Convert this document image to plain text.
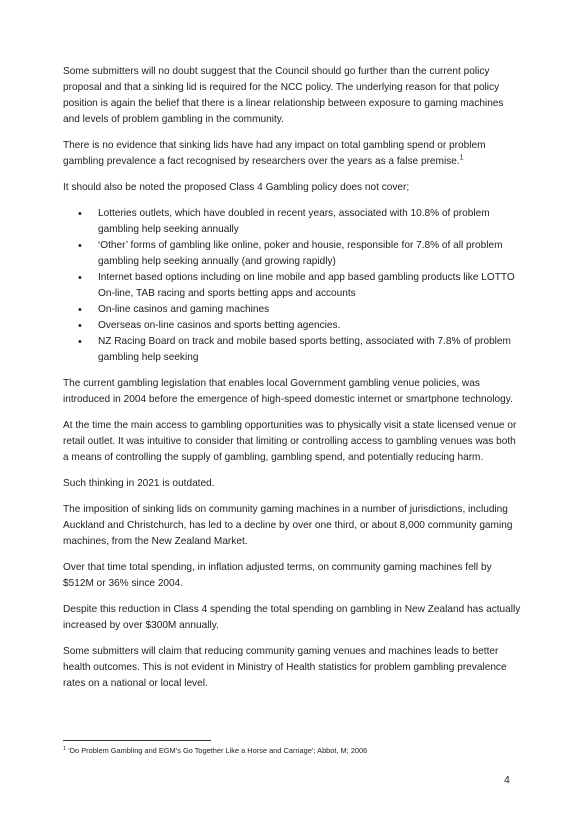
Some submitters will no doubt suggest that the Council should go further than the current policy proposal and that a sinking lid is required for the NCC policy. The underlying reason for that policy position is again the belief that there is a linear relationship between exposure to gaming machines and levels of problem gambling in the community.

There is no evidence that sinking lids have had any impact on total gambling spend or problem gambling prevalence a fact recognised by researchers over the years as a false premise.$^1$

It should also be noted the proposed Class 4 Gambling policy does not cover;

• Lotteries outlets, which have doubled in recent years, associated with 10.8% of problem gambling help seeking annually
• ‘Other’ forms of gambling like online, poker and housie, responsible for 7.8% of all problem gambling help seeking annually (and growing rapidly)
• Internet based options including on line mobile and app based gambling products like LOTTO On-line, TAB racing and sports betting apps and accounts
• On-line casinos and gaming machines
• Overseas on-line casinos and sports betting agencies.
• NZ Racing Board on track and mobile based sports betting, associated with 7.8% of problem gambling help seeking

The current gambling legislation that enables local Government gambling venue policies, was introduced in 2004 before the emergence of high-speed domestic internet or smartphone technology.

At the time the main access to gambling opportunities was to physically visit a state licensed venue or retail outlet. It was intuitive to consider that limiting or controlling access to gambling venues was both a means of controlling the supply of gambling, gambling spend, and potentially reducing harm.

Such thinking in 2021 is outdated.

The imposition of sinking lids on community gaming machines in a number of jurisdictions, including Auckland and Christchurch, has led to a decline by over one third, or about 8,000 community gaming machines, from the New Zealand Market.

Over that time total spending, in inflation adjusted terms, on community gaming machines fell by $512M or 36% since 2004.

Despite this reduction in Class 4 spending the total spending on gambling in New Zealand has actually increased by over $300M annually.

Some submitters will claim that reducing community gaming venues and machines leads to better health outcomes. This is not evident in Ministry of Health statistics for problem gambling prevalence rates on a national or local level.

$^1$ ‘Do Problem Gambling and EGM’s Go Together Like a Horse and Carriage’; Abbot, M; 2006
4
